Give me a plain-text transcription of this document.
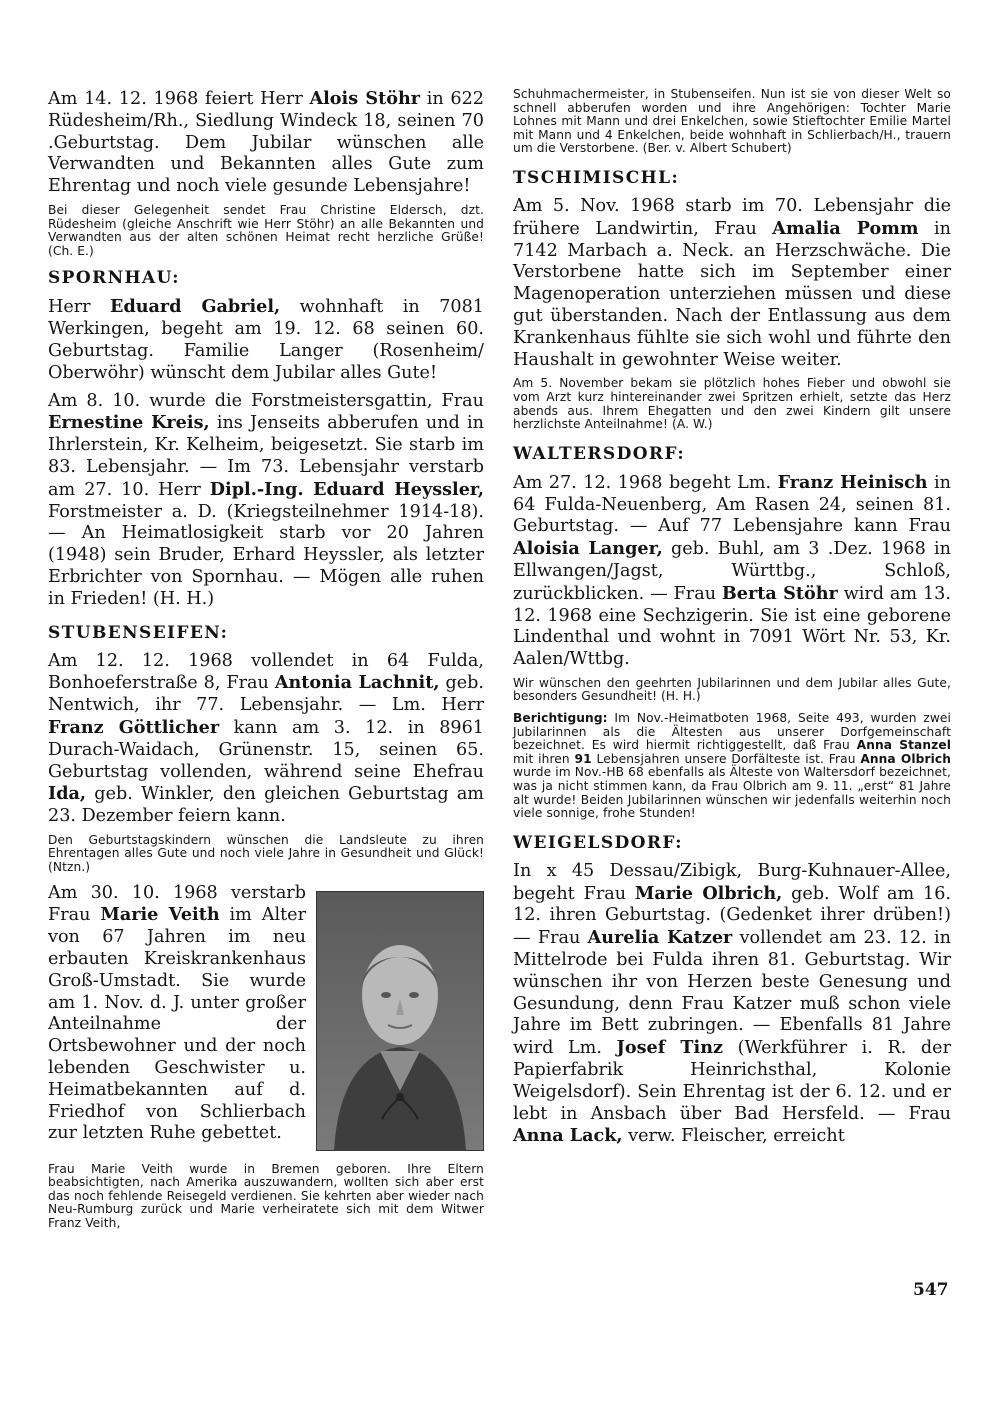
Am 14. 12. 1968 feiert Herr Alois Stöhr in 622 Rüdesheim/Rh., Siedlung Windeck 18, seinen 70 .Geburtstag. Dem Jubilar wünschen alle Verwandten und Bekannten alles Gute zum Ehrentag und noch viele gesunde Lebensjahre!

Bei dieser Gelegenheit sendet Frau Christine Eldersch, dzt. Rüdesheim (gleiche Anschrift wie Herr Stöhr) an alle Bekannten und Verwandten aus der alten schönen Heimat recht herzliche Grüße! (Ch. E.)

SPORNHAU:

Herr Eduard Gabriel, wohnhaft in 7081 Werkingen, begeht am 19. 12. 68 seinen 60. Geburtstag. Familie Langer (Rosenheim/ Oberwöhr) wünscht dem Jubilar alles Gute!

Am 8. 10. wurde die Forstmeistersgattin, Frau Ernestine Kreis, ins Jenseits abberufen und in Ihrlerstein, Kr. Kelheim, beigesetzt. Sie starb im 83. Lebensjahr. — Im 73. Lebensjahr verstarb am 27. 10. Herr Dipl.-Ing. Eduard Heyssler, Forstmeister a. D. (Kriegsteilnehmer 1914-18). — An Heimatlosigkeit starb vor 20 Jahren (1948) sein Bruder, Erhard Heyssler, als letzter Erbrichter von Spornhau. — Mögen alle ruhen in Frieden! (H. H.)

STUBENSEIFEN:

Am 12. 12. 1968 vollendet in 64 Fulda, Bonhoeferstraße 8, Frau Antonia Lachnit, geb. Nentwich, ihr 77. Lebensjahr. — Lm. Herr Franz Göttlicher kann am 3. 12. in 8961 Durach-Waidach, Grünenstr. 15, seinen 65. Geburtstag vollenden, während seine Ehefrau Ida, geb. Winkler, den gleichen Geburtstag am 23. Dezember feiern kann.

Den Geburtstagskindern wünschen die Landsleute zu ihren Ehrentagen alles Gute und noch viele Jahre in Gesundheit und Glück! (Ntzn.)

Am 30. 10. 1968 verstarb Frau Marie Veith im Alter von 67 Jahren im neu erbauten Kreiskrankenhaus Groß-Umstadt. Sie wurde am 1. Nov. d. J. unter großer Anteilnahme der Ortsbewohner und der noch lebenden Geschwister u. Heimatbekannten auf d. Friedhof von Schlierbach zur letzten Ruhe gebettet.

Frau Marie Veith wurde in Bremen geboren. Ihre Eltern beabsichtigten, nach Amerika auszuwandern, wollten sich aber erst das noch fehlende Reisegeld verdienen. Sie kehrten aber wieder nach Neu-Rumburg zurück und Marie verheiratete sich mit dem Witwer Franz Veith,

Schuhmachermeister, in Stubenseifen. Nun ist sie von dieser Welt so schnell abberufen worden und ihre Angehörigen: Tochter Marie Lohnes mit Mann und drei Enkelchen, sowie Stieftochter Emilie Martel mit Mann und 4 Enkelchen, beide wohnhaft in Schlierbach/H., trauern um die Verstorbene. (Ber. v. Albert Schubert)

TSCHIMISCHL:

Am 5. Nov. 1968 starb im 70. Lebensjahr die frühere Landwirtin, Frau Amalia Pomm in 7142 Marbach a. Neck. an Herzschwäche. Die Verstorbene hatte sich im September einer Magenoperation unterziehen müssen und diese gut überstanden. Nach der Entlassung aus dem Krankenhaus fühlte sie sich wohl und führte den Haushalt in gewohnter Weise weiter.

Am 5. November bekam sie plötzlich hohes Fieber und obwohl sie vom Arzt kurz hintereinander zwei Spritzen erhielt, setzte das Herz abends aus. Ihrem Ehegatten und den zwei Kindern gilt unsere herzlichste Anteilnahme! (A. W.)

WALTERSDORF:

Am 27. 12. 1968 begeht Lm. Franz Heinisch in 64 Fulda-Neuenberg, Am Rasen 24, seinen 81. Geburtstag. — Auf 77 Lebensjahre kann Frau Aloisia Langer, geb. Buhl, am 3 .Dez. 1968 in Ellwangen/Jagst, Württbg., Schloß, zurückblicken. — Frau Berta Stöhr wird am 13. 12. 1968 eine Sechzigerin. Sie ist eine geborene Lindenthal und wohnt in 7091 Wört Nr. 53, Kr. Aalen/Wttbg.

Wir wünschen den geehrten Jubilarinnen und dem Jubilar alles Gute, besonders Gesundheit! (H. H.)

Berichtigung: Im Nov.-Heimatboten 1968, Seite 493, wurden zwei Jubilarinnen als die Ältesten aus unserer Dorfgemeinschaft bezeichnet. Es wird hiermit richtiggestellt, daß Frau Anna Stanzel mit ihren 91 Lebensjahren unsere Dorfälteste ist. Frau Anna Olbrich wurde im Nov.-HB 68 ebenfalls als Älteste von Waltersdorf bezeichnet, was ja nicht stimmen kann, da Frau Olbrich am 9. 11. „erst“ 81 Jahre alt wurde! Beiden Jubilarinnen wünschen wir jedenfalls weiterhin noch viele sonnige, frohe Stunden!

WEIGELSDORF:

In x 45 Dessau/Zibigk, Burg-Kuhnauer-Allee, begeht Frau Marie Olbrich, geb. Wolf am 16. 12. ihren Geburtstag. (Gedenket ihrer drüben!) — Frau Aurelia Katzer vollendet am 23. 12. in Mittelrode bei Fulda ihren 81. Geburtstag. Wir wünschen ihr von Herzen beste Genesung und Gesundung, denn Frau Katzer muß schon viele Jahre im Bett zubringen. — Ebenfalls 81 Jahre wird Lm. Josef Tinz (Werkführer i. R. der Papierfabrik Heinrichsthal, Kolonie Weigelsdorf). Sein Ehrentag ist der 6. 12. und er lebt in Ansbach über Bad Hersfeld. — Frau Anna Lack, verw. Fleischer, erreicht

547
